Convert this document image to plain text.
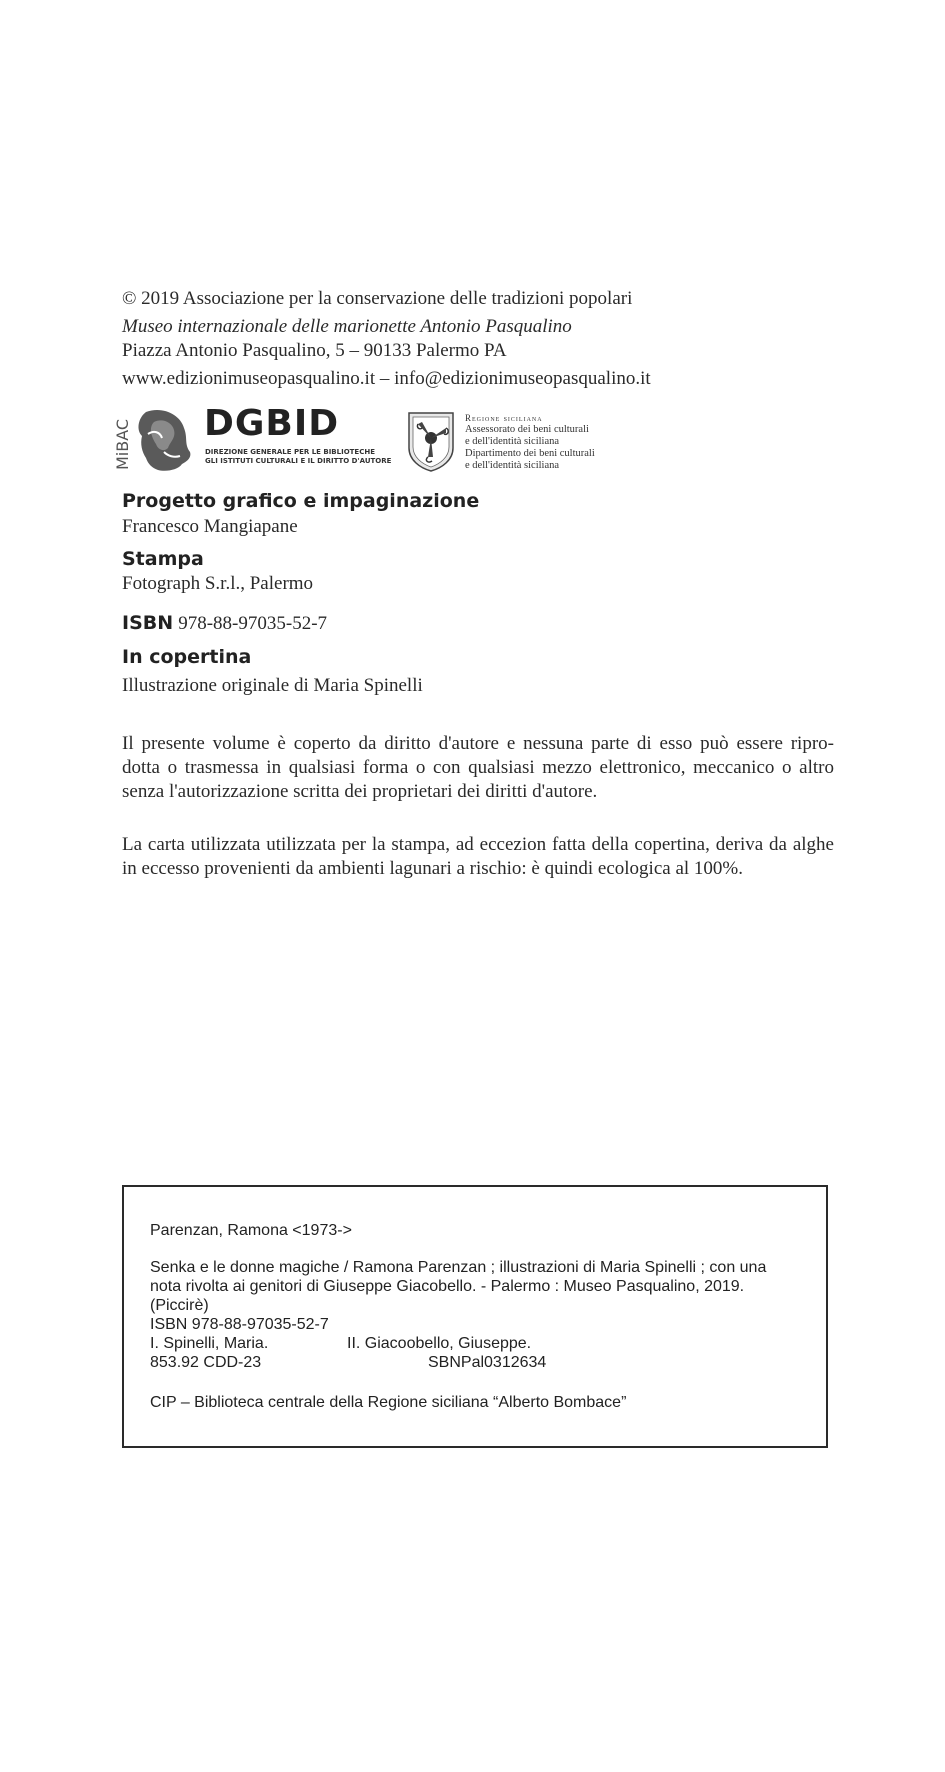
© 2019 Associazione per la conservazione delle tradizioni popolari
Museo internazionale delle marionette Antonio Pasqualino
Piazza Antonio Pasqualino, 5 – 90133 Palermo PA
www.edizionimuseopasqualino.it – info@edizionimuseopasqualino.it
MiBAC DGBID
DIREZIONE GENERALE PER LE BIBLIOTECHE
GLI ISTITUTI CULTURALI E IL DIRITTO D'AUTORE
Regione siciliana
Assessorato dei beni culturali
e dell'identità siciliana
Dipartimento dei beni culturali
e dell'identità siciliana
Progetto grafico e impaginazione
Francesco Mangiapane
Stampa
Fotograph S.r.l., Palermo
ISBN 978-88-97035-52-7
In copertina
Illustrazione originale di Maria Spinelli
Il presente volume è coperto da diritto d'autore e nessuna parte di esso può essere ripro-
dotta o trasmessa in qualsiasi forma o con qualsiasi mezzo elettronico, meccanico o altro
senza l'autorizzazione scritta dei proprietari dei diritti d'autore.
La carta utilizzata utilizzata per la stampa, ad eccezion fatta della copertina, deriva da alghe
in eccesso provenienti da ambienti lagunari a rischio: è quindi ecologica al 100%.
Parenzan, Ramona <1973->
Senka e le donne magiche / Ramona Parenzan ; illustrazioni di Maria Spinelli ; con una
nota rivolta ai genitori di Giuseppe Giacobello. - Palermo : Museo Pasqualino, 2019.
(Piccirè)
ISBN 978-88-97035-52-7
I. Spinelli, Maria.	II. Giacoobello, Giuseppe.
853.92 CDD-23	SBNPal0312634
CIP – Biblioteca centrale della Regione siciliana “Alberto Bombace”
